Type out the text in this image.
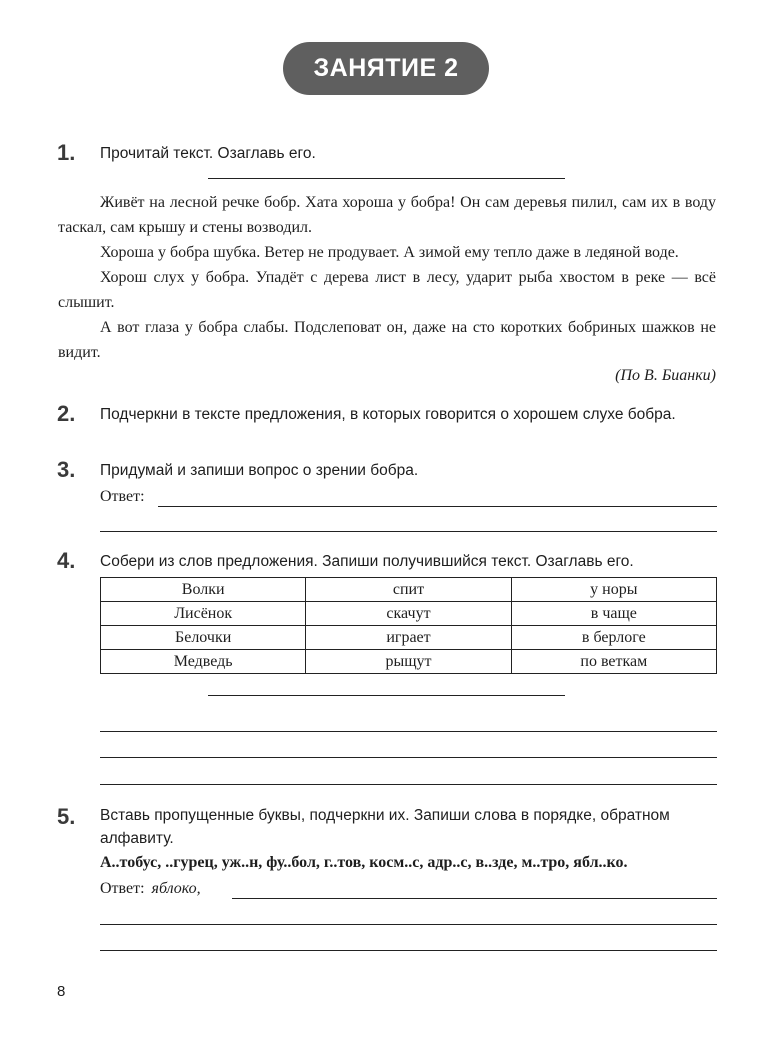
ЗАНЯТИЕ 2
1. Прочитай текст. Озаглавь его.

Живёт на лесной речке бобр. Хата хороша у бобра! Он сам деревья пилил, сам их в воду таскал, сам крышу и стены возводил.

Хороша у бобра шубка. Ветер не продувает. А зимой ему тепло даже в ледяной воде.

Хорош слух у бобра. Упадёт с дерева лист в лесу, ударит рыба хвостом в реке — всё слышит.

А вот глаза у бобра слабы. Подслеповат он, даже на сто коротких бобриных шажков не видит.

(По В. Бианки)
2. Подчеркни в тексте предложения, в которых говорится о хорошем слухе бобра.
3. Придумай и запиши вопрос о зрении бобра.
Ответ:
4. Собери из слов предложения. Запиши получившийся текст. Озаглавь его.
Волки	спит	у норы
Лисёнок	скачут	в чаще
Белочки	играет	в берлоге
Медведь	рыщут	по веткам
5. Вставь пропущенные буквы, подчеркни их. Запиши слова в порядке, обратном алфавиту.
А..тобус, ..гурец, уж..н, фу..бол, г..тов, косм..с, адр..с, в..зде, м..тро, ябл..ко.
Ответ: яблоко,
8
